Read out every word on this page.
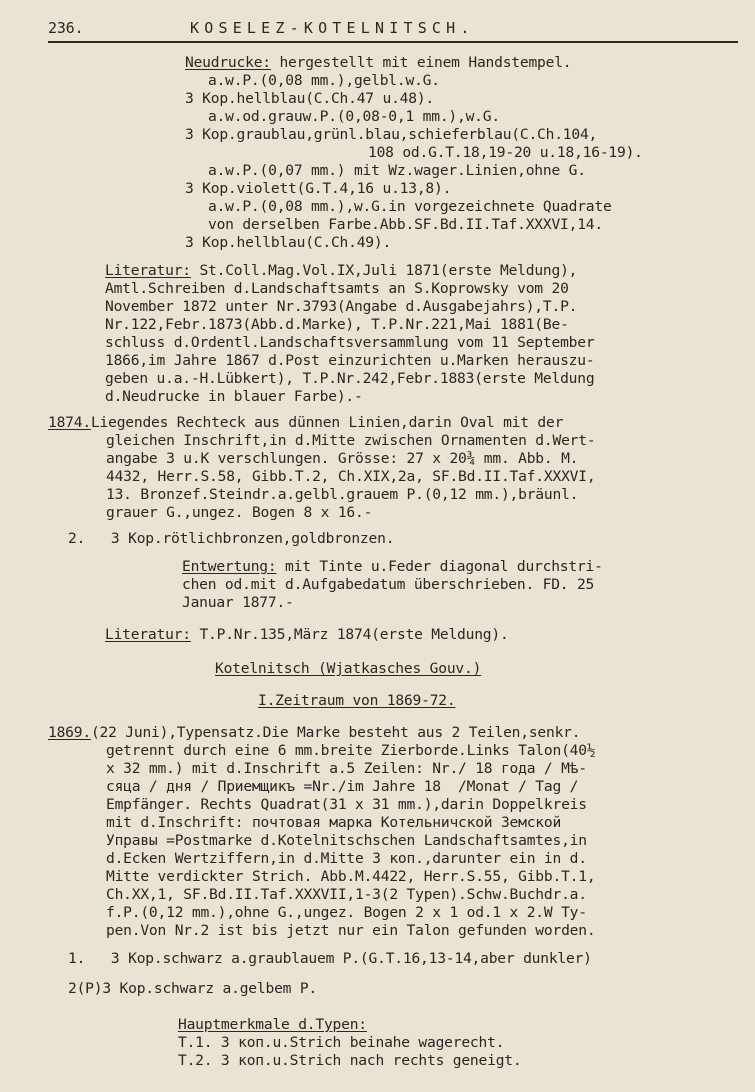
236.	KOSELEZ-KOTELNITSCH.
Neudrucke: hergestellt mit einem Handstempel.
a.w.P.(0,08 mm.),gelbl.w.G.
3 Kop.hellblau(C.Ch.47 u.48).
a.w.od.grauw.P.(0,08-0,1 mm.),w.G.
3 Kop.graublau,grünl.blau,schieferblau(C.Ch.104,
108 od.G.T.18,19-20 u.18,16-19).
a.w.P.(0,07 mm.) mit Wz.wager.Linien,ohne G.
3 Kop.violett(G.T.4,16 u.13,8).
a.w.P.(0,08 mm.),w.G.in vorgezeichnete Quadrate
von derselben Farbe.Abb.SF.Bd.II.Taf.XXXVI,14.
3 Kop.hellblau(C.Ch.49).
Literatur: St.Coll.Mag.Vol.IX,Juli 1871(erste Meldung),
Amtl.Schreiben d.Landschaftsamts an S.Koprowsky vom 20
November 1872 unter Nr.3793(Angabe d.Ausgabejahrs),T.P.
Nr.122,Febr.1873(Abb.d.Marke), T.P.Nr.221,Mai 1881(Be-
schluss d.Ordentl.Landschaftsversammlung vom 11 September
1866,im Jahre 1867 d.Post einzurichten u.Marken herauszu-
geben u.a.-H.Lübkert), T.P.Nr.242,Febr.1883(erste Meldung
d.Neudrucke in blauer Farbe).-
1874.Liegendes Rechteck aus dünnen Linien,darin Oval mit der
gleichen Inschrift,in d.Mitte zwischen Ornamenten d.Wert-
angabe 3 u.K verschlungen. Grösse: 27 x 20¾ mm. Abb. M.
4432, Herr.S.58, Gibb.T.2, Ch.XIX,2a, SF.Bd.II.Taf.XXXVI,
13. Bronzef.Steindr.a.gelbl.grauem P.(0,12 mm.),bräunl.
grauer G.,ungez. Bogen 8 x 16.-
2.   3 Kop.rötlichbronzen,goldbronzen.
Entwertung: mit Tinte u.Feder diagonal durchstri-
chen od.mit d.Aufgabedatum überschrieben. FD. 25
Januar 1877.-
Literatur: T.P.Nr.135,März 1874(erste Meldung).
Kotelnitsch (Wjatkasches Gouv.)
I.Zeitraum von 1869-72.
1869.(22 Juni),Typensatz.Die Marke besteht aus 2 Teilen,senkr.
getrennt durch eine 6 mm.breite Zierborde.Links Talon(40½
x 32 mm.) mit d.Inschrift a.5 Zeilen: Nr./ 18 года / Мѣ-
сяца / дня / Приемщикъ =Nr./im Jahre 18  /Monat / Tag /
Empfänger. Rechts Quadrat(31 x 31 mm.),darin Doppelkreis
mit d.Inschrift: почтовая марка Котельничской Земской
Управы =Postmarke d.Kotelnitschschen Landschaftsamtes,in
d.Ecken Wertziffern,in d.Mitte 3 коп.,darunter ein in d.
Mitte verdickter Strich. Abb.M.4422, Herr.S.55, Gibb.T.1,
Ch.XX,1, SF.Bd.II.Taf.XXXVII,1-3(2 Typen).Schw.Buchdr.a.
f.P.(0,12 mm.),ohne G.,ungez. Bogen 2 x 1 od.1 x 2.W Ty-
pen.Von Nr.2 ist bis jetzt nur ein Talon gefunden worden.
1.   3 Kop.schwarz a.graublauem P.(G.T.16,13-14,aber dunkler)
2(P)3 Kop.schwarz a.gelbem P.
Hauptmerkmale d.Typen:
T.1. 3 коп.u.Strich beinahe wagerecht.
T.2. 3 коп.u.Strich nach rechts geneigt.
